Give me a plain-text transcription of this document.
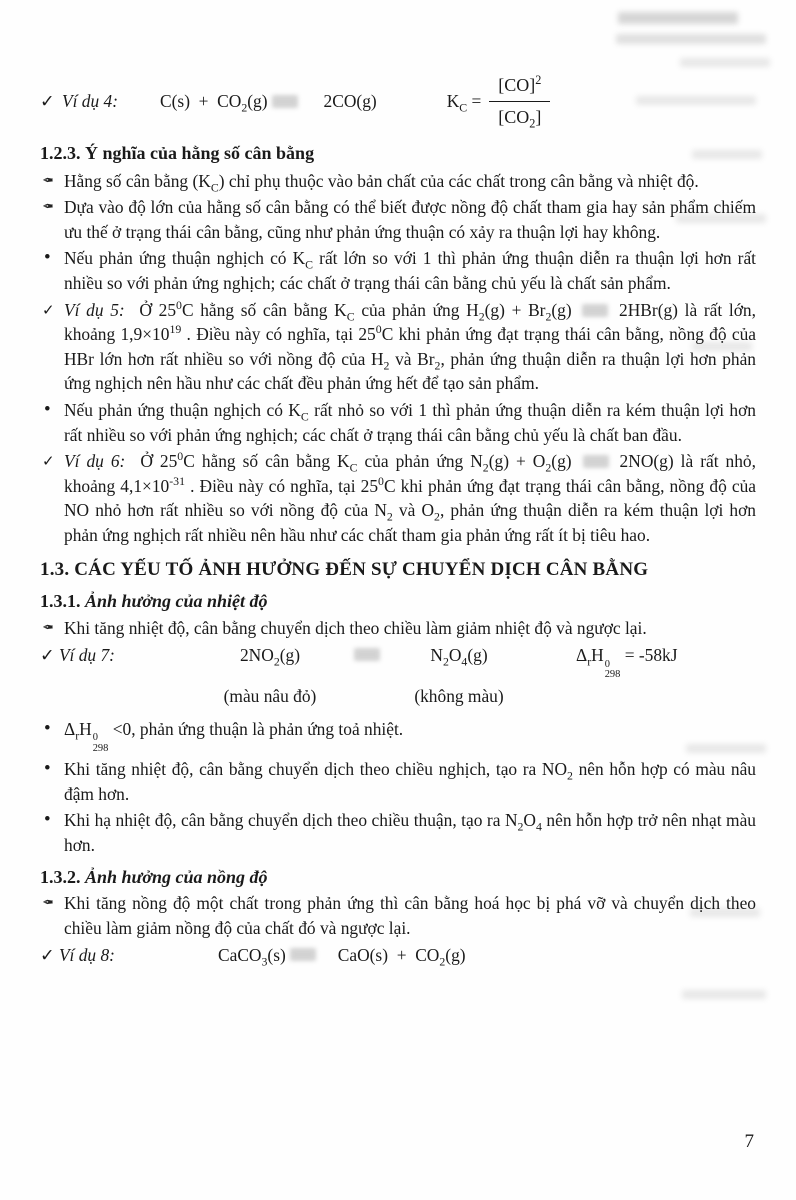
✓ Ví dụ 4: $C(s) + CO_2(g)$	2CO(g)	$K_C = \frac{[CO]^2}{[CO_2]}$
1.2.3. Ý nghĩa của hằng số cân bằng

✒ Hằng số cân bằng $(K_C)$ chỉ phụ thuộc vào bản chất của các chất trong cân bằng và nhiệt độ.

✒ Dựa vào độ lớn của hằng số cân bằng có thể biết được nồng độ chất tham gia hay sản phẩm chiếm ưu thế ở trạng thái cân bằng, cũng như phản ứng thuận có xảy ra thuận lợi hay không.

• Nếu phản ứng thuận nghịch có $K_C$ rất lớn so với 1 thì phản ứng thuận diễn ra thuận lợi hơn rất nhiều so với phản ứng nghịch; các chất ở trạng thái cân bằng chủ yếu là chất sản phẩm.

✓ Ví dụ 5: Ở $25^0C$ hằng số cân bằng $K_C$ của phản ứng $H_2(g) + Br_2(g)$  2HBr(g) là rất lớn, khoảng $1,9\times 10^{19}$ . Điều này có nghĩa, tại $25^0C$ khi phản ứng đạt trạng thái cân bằng, nồng độ của HBr lớn hơn rất nhiều so với nồng độ của $H_2$ và $Br_2$, phản ứng thuận diễn ra thuận lợi hơn phản ứng nghịch nên hầu như các chất đều phản ứng hết để tạo sản phẩm.

• Nếu phản ứng thuận nghịch có $K_C$ rất nhỏ so với 1 thì phản ứng thuận diễn ra kém thuận lợi hơn rất nhiều so với phản ứng nghịch; các chất ở trạng thái cân bằng chủ yếu là chất ban đầu.

✓ Ví dụ 6: Ở $25^0C$ hằng số cân bằng $K_C$ của phản ứng $N_2(g) + O_2(g)$  2NO(g) là rất nhỏ, khoảng $4,1\times 10^{-31}$ . Điều này có nghĩa, tại $25^0C$ khi phản ứng đạt trạng thái cân bằng, nồng độ của NO nhỏ hơn rất nhiều so với nồng độ của $N_2$ và $O_2$, phản ứng thuận diễn ra kém thuận lợi hơn phản ứng nghịch rất nhiều nên hầu như các chất tham gia phản ứng rất ít bị tiêu hao.

1.3. CÁC YẾU TỐ ẢNH HƯỞNG ĐẾN SỰ CHUYỂN DỊCH CÂN BẰNG
1.3.1. Ảnh hưởng của nhiệt độ

✒ Khi tăng nhiệt độ, cân bằng chuyển dịch theo chiều làm giảm nhiệt độ và ngược lại.

✓ Ví dụ 7:	$2NO_2(g)$	$N_2O_4(g)$	$\Delta_rH$ 0
298
= -58kJ
(màu nâu đỏ)	(không màu)

• $\Delta_rH$ 0
298
<0, phản ứng thuận là phản ứng toả nhiệt.

• Khi tăng nhiệt độ, cân bằng chuyển dịch theo chiều nghịch, tạo ra $NO_2$ nên hỗn hợp có màu nâu đậm hơn.

• Khi hạ nhiệt độ, cân bằng chuyển dịch theo chiều thuận, tạo ra $N_2O_4$ nên hỗn hợp trở nên nhạt màu hơn.

1.3.2. Ảnh hưởng của nồng độ

✒ Khi tăng nồng độ một chất trong phản ứng thì cân bằng hoá học bị phá vỡ và chuyển dịch theo chiều làm giảm nồng độ của chất đó và ngược lại.

✓ Ví dụ 8:	CaCO$_3$(s)	$CaO(s) + CO_2(g)$
7
